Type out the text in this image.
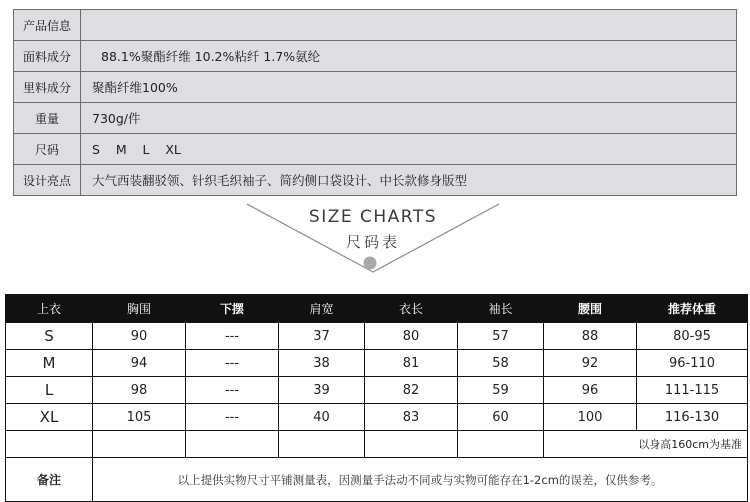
产品信息	
面料成分	88.1%聚酯纤维 10.2%粘纤 1.7%氨纶
里料成分	聚酯纤维100%
重量	730g/件
尺码	S    M    L    XL
设计亮点	大气西装翻驳领、针织毛织袖子、简约侧口袋设计、中长款修身版型
SIZE CHARTS
尺码表
上衣	胸围	下摆	肩宽	衣长	袖长	腰围	推荐体重
S	90	---	37	80	57	88	80-95
M	94	---	38	81	58	92	96-110
L	98	---	39	82	59	96	111-115
XL	105	---	40	83	60	100	116-130
						以身高160cm为基准	
备注	以上提供实物尺寸平铺测量表，因测量手法动不同或与实物可能存在1-2cm的误差，仅供参考。						
